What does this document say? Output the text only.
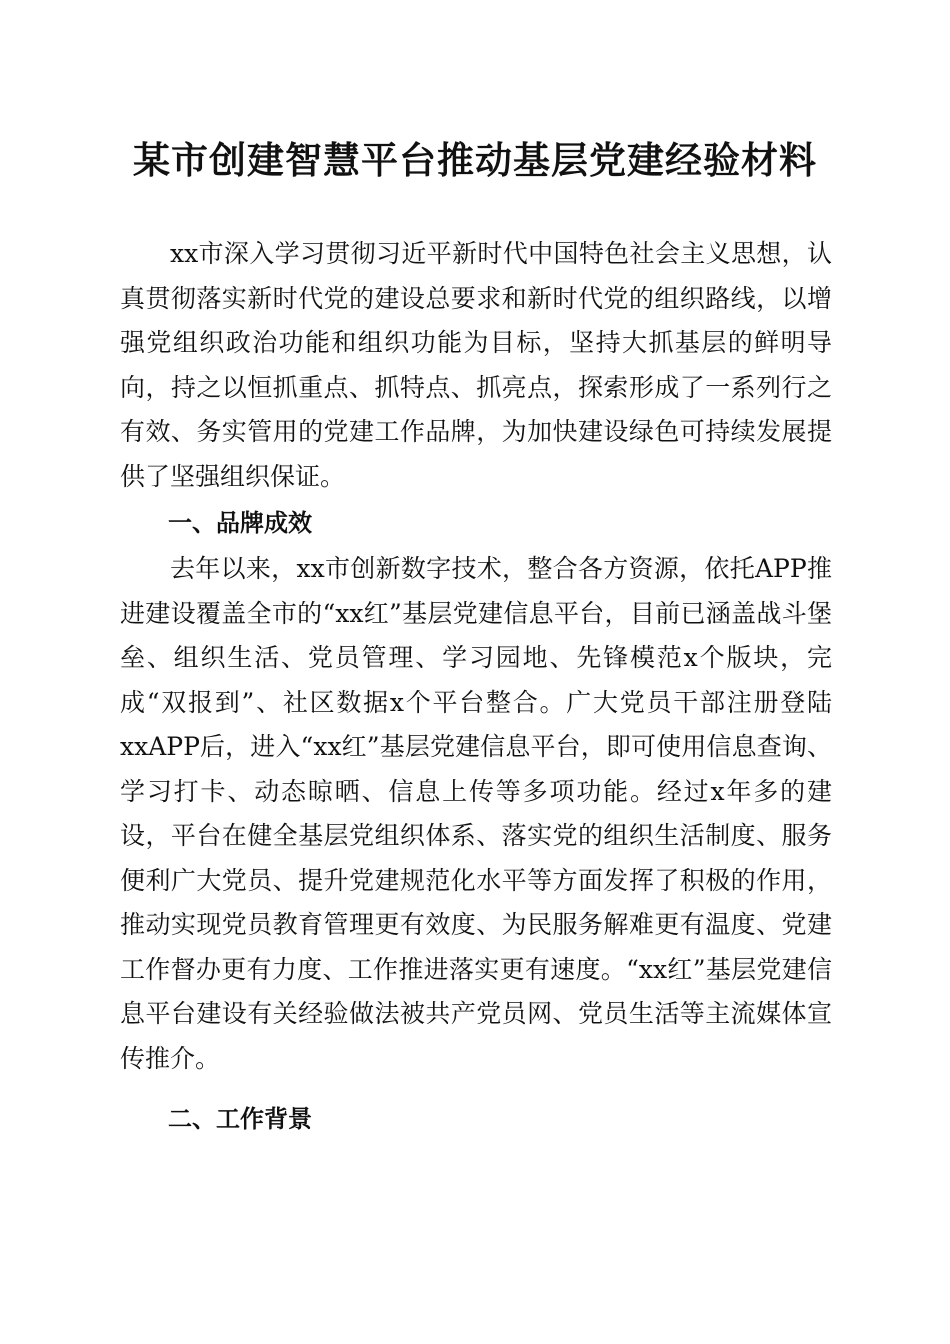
某市创建智慧平台推动基层党建经验材料

xx市深入学习贯彻习近平新时代中国特色社会主义思想，认真贯彻落实新时代党的建设总要求和新时代党的组织路线，以增强党组织政治功能和组织功能为目标，坚持大抓基层的鲜明导向，持之以恒抓重点、抓特点、抓亮点，探索形成了一系列行之有效、务实管用的党建工作品牌，为加快建设绿色可持续发展提供了坚强组织保证。

一、品牌成效

去年以来，xx市创新数字技术，整合各方资源，依托APP推进建设覆盖全市的“xx红”基层党建信息平台，目前已涵盖战斗堡垒、组织生活、党员管理、学习园地、先锋模范x个版块，完成“双报到”、社区数据x个平台整合。广大党员干部注册登陆xxAPP后，进入“xx红”基层党建信息平台，即可使用信息查询、学习打卡、动态晾晒、信息上传等多项功能。经过x年多的建设，平台在健全基层党组织体系、落实党的组织生活制度、服务便利广大党员、提升党建规范化水平等方面发挥了积极的作用，推动实现党员教育管理更有效度、为民服务解难更有温度、党建工作督办更有力度、工作推进落实更有速度。“xx红”基层党建信息平台建设有关经验做法被共产党员网、党员生活等主流媒体宣传推介。

二、工作背景
